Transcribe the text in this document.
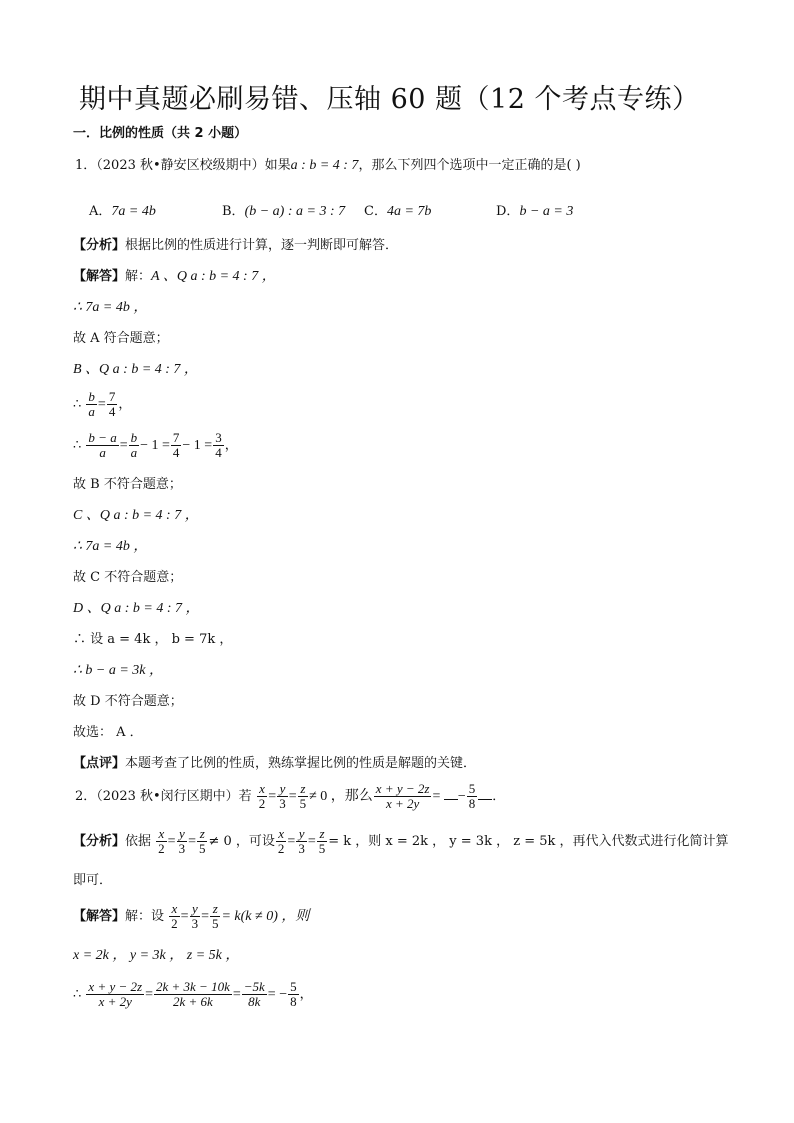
期中真题必刷易错、压轴 60 题（12 个考点专练）
一．比例的性质（共 2 小题）
1．（2023 秋•静安区校级期中）如果a : b = 4 : 7，那么下列四个选项中一定正确的是( )
A．7a = 4b	B．(b − a) : a = 3 : 7 C．4a = 7b	D．b − a = 3
【分析】根据比例的性质进行计算，逐一判断即可解答．
【解答】解：A 、Q a : b = 4 : 7 ，
∴ 7a = 4b ，
故 A 符合题意；
B 、Q a : b = 4 : 7 ，
∴ $\frac{b}{a} = \frac{7}{4}$ ，
∴ $\frac{b - a}{a} = \frac{b}{a} - 1 = \frac{7}{4} - 1 = \frac{3}{4}$ ，
故 B 不符合题意；
C 、Q a : b = 4 : 7 ，
∴ 7a = 4b ，
故 C 不符合题意；
D 、Q a : b = 4 : 7 ，
∴ 设 a = 4k ， b = 7k ，
∴ b − a = 3k ，
故 D 不符合题意；
故选： A ．
【点评】本题考查了比例的性质，熟练掌握比例的性质是解题的关键．
2．（2023 秋•闵行区期中）若 $\frac{x}{2} = \frac{y}{3} = \frac{z}{5} \ne 0$ ，那么 $\frac{x + y - 2z}{x + 2y}$ = − $\frac{5}{8}$ ．
【分析】依据 $\frac{x}{2} = \frac{y}{3} = \frac{z}{5} \ne 0$ ，可设 $\frac{x}{2} = \frac{y}{3} = \frac{z}{5} = k$ ，则 x = 2k ， y = 3k ， z = 5k ，再代入代数式进行化简计算
即可．
【解答】解：设 $\frac{x}{2} = \frac{y}{3} = \frac{z}{5} = k(k \ne 0)$ ，则
x = 2k ， y = 3k ， z = 5k ，
∴ $\frac{x + y - 2z}{x + 2y} = \frac{2k + 3k - 10k}{2k + 6k} = \frac{-5k}{8k}$ = − $\frac{5}{8}$ ，
